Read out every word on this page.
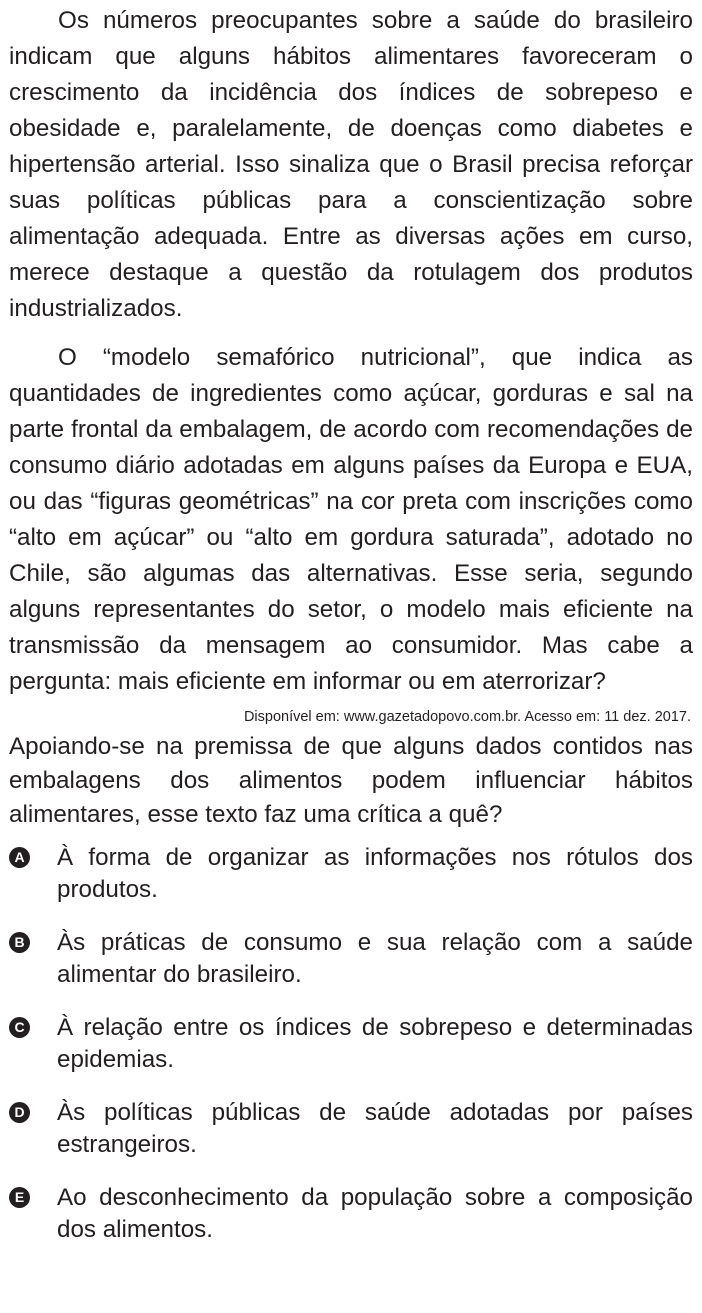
Os números preocupantes sobre a saúde do brasileiro indicam que alguns hábitos alimentares favoreceram o crescimento da incidência dos índices de sobrepeso e obesidade e, paralelamente, de doenças como diabetes e hipertensão arterial. Isso sinaliza que o Brasil precisa reforçar suas políticas públicas para a conscientização sobre alimentação adequada. Entre as diversas ações em curso, merece destaque a questão da rotulagem dos produtos industrializados.

O “modelo semafórico nutricional”, que indica as quantidades de ingredientes como açúcar, gorduras e sal na parte frontal da embalagem, de acordo com recomendações de consumo diário adotadas em alguns países da Europa e EUA, ou das “figuras geométricas” na cor preta com inscrições como “alto em açúcar” ou “alto em gordura saturada”, adotado no Chile, são algumas das alternativas. Esse seria, segundo alguns representantes do setor, o modelo mais eficiente na transmissão da mensagem ao consumidor. Mas cabe a pergunta: mais eficiente em informar ou em aterrorizar?

Disponível em: www.gazetadopovo.com.br. Acesso em: 11 dez. 2017.

Apoiando-se na premissa de que alguns dados contidos nas embalagens dos alimentos podem influenciar hábitos alimentares, esse texto faz uma crítica a quê?

A À forma de organizar as informações nos rótulos dos produtos.
B Às práticas de consumo e sua relação com a saúde alimentar do brasileiro.
C À relação entre os índices de sobrepeso e determinadas epidemias.
D Às políticas públicas de saúde adotadas por países estrangeiros.
E Ao desconhecimento da população sobre a composição dos alimentos.
